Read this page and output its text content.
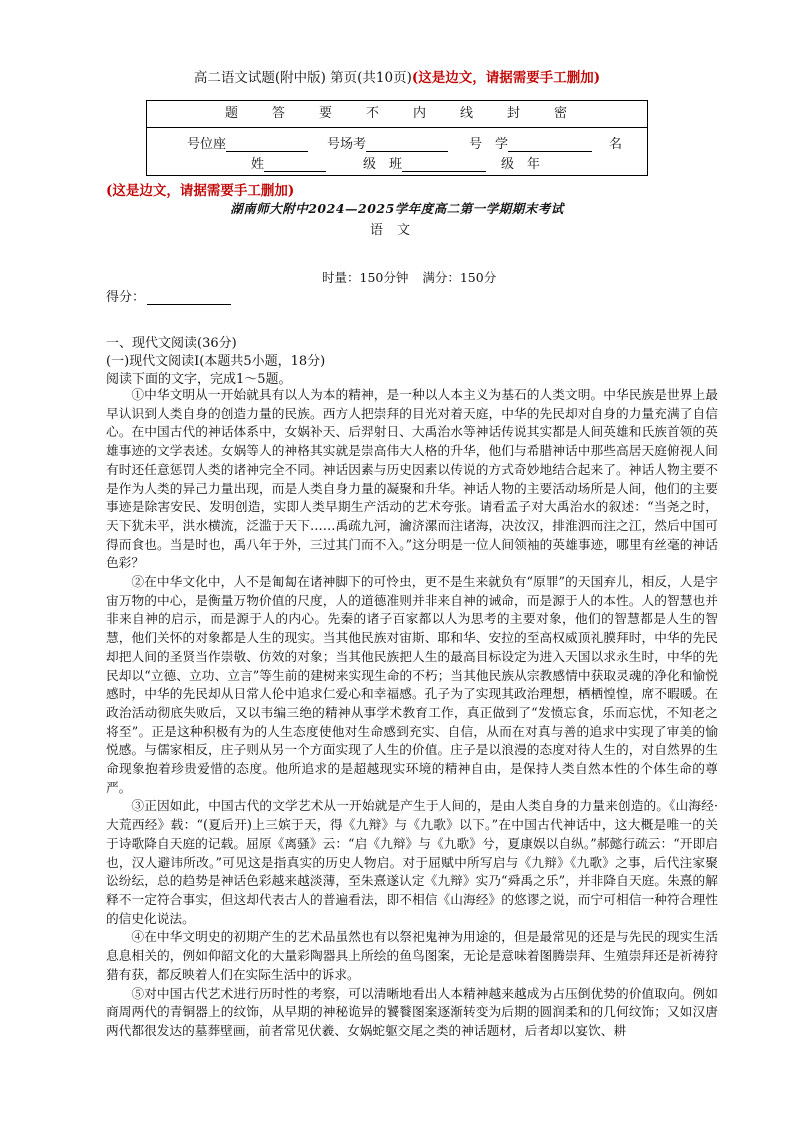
高二语文试题(附中版) 第页(共10页)(这是边文，请据需要手工删加)
题 答 要 不 内 线 封 密
号位座	号场考	号　学	名
姓	级　班	级　年
(这是边文，请据需要手工删加)
湖南师大附中2024—2025学年度高二第一学期期末考试
语文
时量：150分钟 满分：150分
得分：
一、现代文阅读(36分)
(一)现代文阅读Ⅰ(本题共5小题，18分)
阅读下面的文字，完成1～5题。

①中华文明从一开始就具有以人为本的精神，是一种以人本主义为基石的人类文明。中华民族是世界上最早认识到人类自身的创造力量的民族。西方人把崇拜的目光对着天庭，中华的先民却对自身的力量充满了自信心。在中国古代的神话体系中，女娲补天、后羿射日、大禹治水等神话传说其实都是人间英雄和氏族首领的英雄事迹的文学表述。女娲等人的神格其实就是崇高伟大人格的升华，他们与希腊神话中那些高居天庭俯视人间有时还任意惩罚人类的诸神完全不同。神话因素与历史因素以传说的方式奇妙地结合起来了。神话人物主要不是作为人类的异己力量出现，而是人类自身力量的凝聚和升华。神话人物的主要活动场所是人间，他们的主要事迹是除害安民、发明创造，实即人类早期生产活动的艺术夸张。请看孟子对大禹治水的叙述：“当尧之时，天下犹未平，洪水横流，泛滥于天下……禹疏九河，瀹济漯而注诸海，决汝汉，排淮泗而注之江，然后中国可得而食也。当是时也，禹八年于外，三过其门而不入。”这分明是一位人间领袖的英雄事迹，哪里有丝毫的神话色彩？

②在中华文化中，人不是匍匐在诸神脚下的可怜虫，更不是生来就负有“原罪”的天国弃儿，相反，人是宇宙万物的中心，是衡量万物价值的尺度，人的道德准则并非来自神的诫命，而是源于人的本性。人的智慧也并非来自神的启示，而是源于人的内心。先秦的诸子百家都以人为思考的主要对象，他们的智慧都是人生的智慧，他们关怀的对象都是人生的现实。当其他民族对宙斯、耶和华、安拉的至高权威顶礼膜拜时，中华的先民却把人间的圣贤当作崇敬、仿效的对象；当其他民族把人生的最高目标设定为进入天国以求永生时，中华的先民却以“立德、立功、立言”等生前的建树来实现生命的不朽；当其他民族从宗教感情中获取灵魂的净化和愉悦感时，中华的先民却从日常人伦中追求仁爱心和幸福感。孔子为了实现其政治理想，栖栖惶惶，席不暇暖。在政治活动彻底失败后，又以韦编三绝的精神从事学术教育工作，真正做到了“发愤忘食，乐而忘忧，不知老之将至”。正是这种积极有为的人生态度使他对生命感到充实、自信，从而在对真与善的追求中实现了审美的愉悦感。与儒家相反，庄子则从另一个方面实现了人生的价值。庄子是以浪漫的态度对待人生的，对自然界的生命现象抱着珍贵爱惜的态度。他所追求的是超越现实环境的精神自由，是保持人类自然本性的个体生命的尊严。

③正因如此，中国古代的文学艺术从一开始就是产生于人间的，是由人类自身的力量来创造的。《山海经·大荒西经》载：“(夏后开)上三嫔于天，得《九辩》与《九歌》以下。”在中国古代神话中，这大概是唯一的关于诗歌降自天庭的记载。屈原《离骚》云：“启《九辩》与《九歌》兮，夏康娱以自纵。”郝懿行疏云：“开即启也，汉人避讳所改。”可见这是指真实的历史人物启。对于屈赋中所写启与《九辩》《九歌》之事，后代注家聚讼纷纭，总的趋势是神话色彩越来越淡薄，至朱熹遂认定《九辩》实乃“舜禹之乐”，并非降自天庭。朱熹的解释不一定符合事实，但这却代表古人的普遍看法，即不相信《山海经》的悠谬之说，而宁可相信一种符合理性的信史化说法。

④在中华文明史的初期产生的艺术品虽然也有以祭祀鬼神为用途的，但是最常见的还是与先民的现实生活息息相关的，例如仰韶文化的大量彩陶器具上所绘的鱼鸟图案，无论是意味着图腾崇拜、生殖崇拜还是祈祷狩猎有获，都反映着人们在实际生活中的诉求。

⑤对中国古代艺术进行历时性的考察，可以清晰地看出人本精神越来越成为占压倒优势的价值取向。例如商周两代的青铜器上的纹饰，从早期的神秘诡异的饕餮图案逐渐转变为后期的圆润柔和的几何纹饰；又如汉唐两代都很发达的墓葬壁画，前者常见伏羲、女娲蛇躯交尾之类的神话题材，后者却以宴饮、耕
